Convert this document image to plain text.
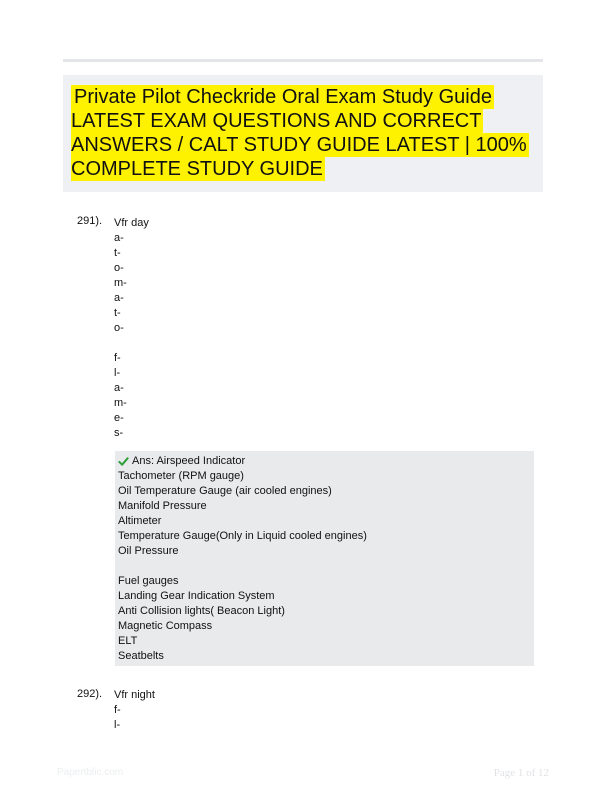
Private Pilot Checkride Oral Exam Study Guide
LATEST EXAM QUESTIONS AND CORRECT
ANSWERS / CALT STUDY GUIDE LATEST | 100%
COMPLETE STUDY GUIDE
291). Vfr day
a-
t-
o-
m-
a-
t-
o-
f-
l-
a-
m-
e-
s-
Ans: Airspeed Indicator
Tachometer (RPM gauge)
Oil Temperature Gauge (air cooled engines)
Manifold Pressure
Altimeter
Temperature Gauge(Only in Liquid cooled engines)
Oil Pressure
Fuel gauges
Landing Gear Indication System
Anti Collision lights( Beacon Light)
Magnetic Compass
ELT
Seatbelts
292). Vfr night
f-
l-
Papertblic.com	Page 1 of 12
